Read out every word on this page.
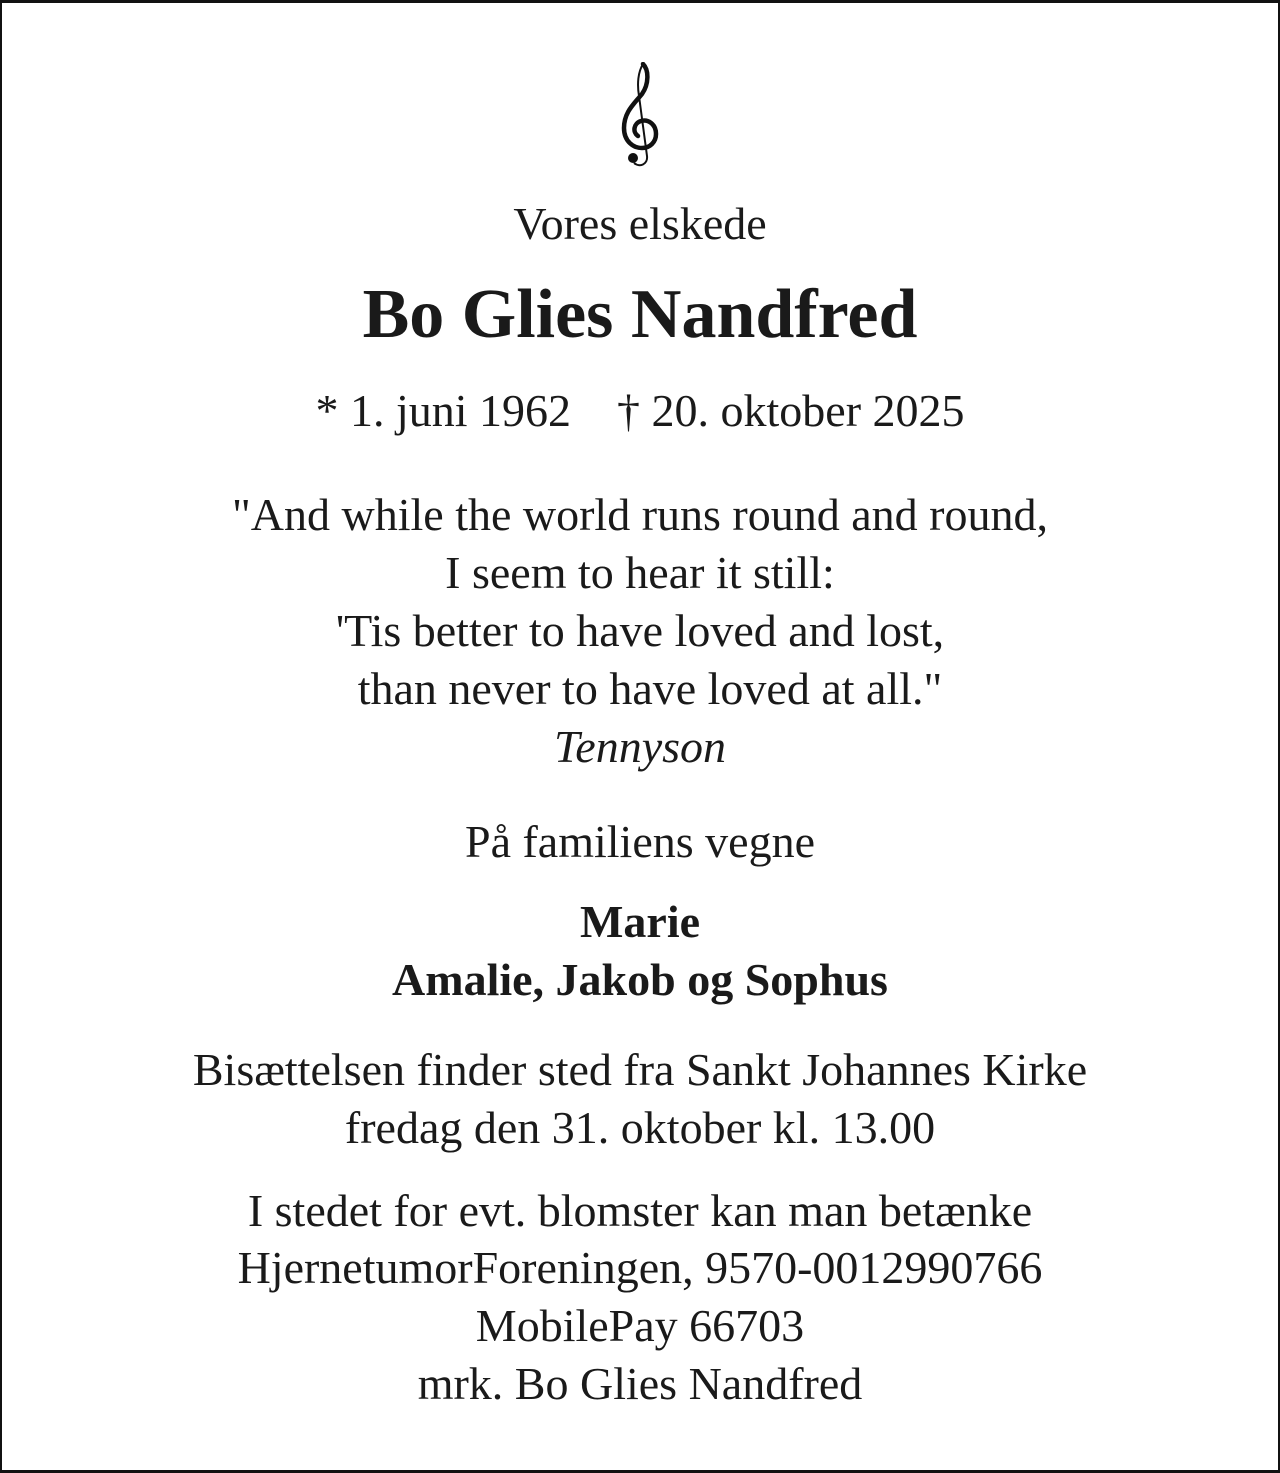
Vores elskede
Bo Glies Nandfred
* 1. juni 1962 † 20. oktober 2025
"And while the world runs round and round,
I seem to hear it still:
'Tis better to have loved and lost,
than never to have loved at all."
Tennyson
På familiens vegne
Marie
Amalie, Jakob og Sophus
Bisættelsen finder sted fra Sankt Johannes Kirke
fredag den 31. oktober kl. 13.00
I stedet for evt. blomster kan man betænke
HjernetumorForeningen, 9570-0012990766
MobilePay 66703
mrk. Bo Glies Nandfred
